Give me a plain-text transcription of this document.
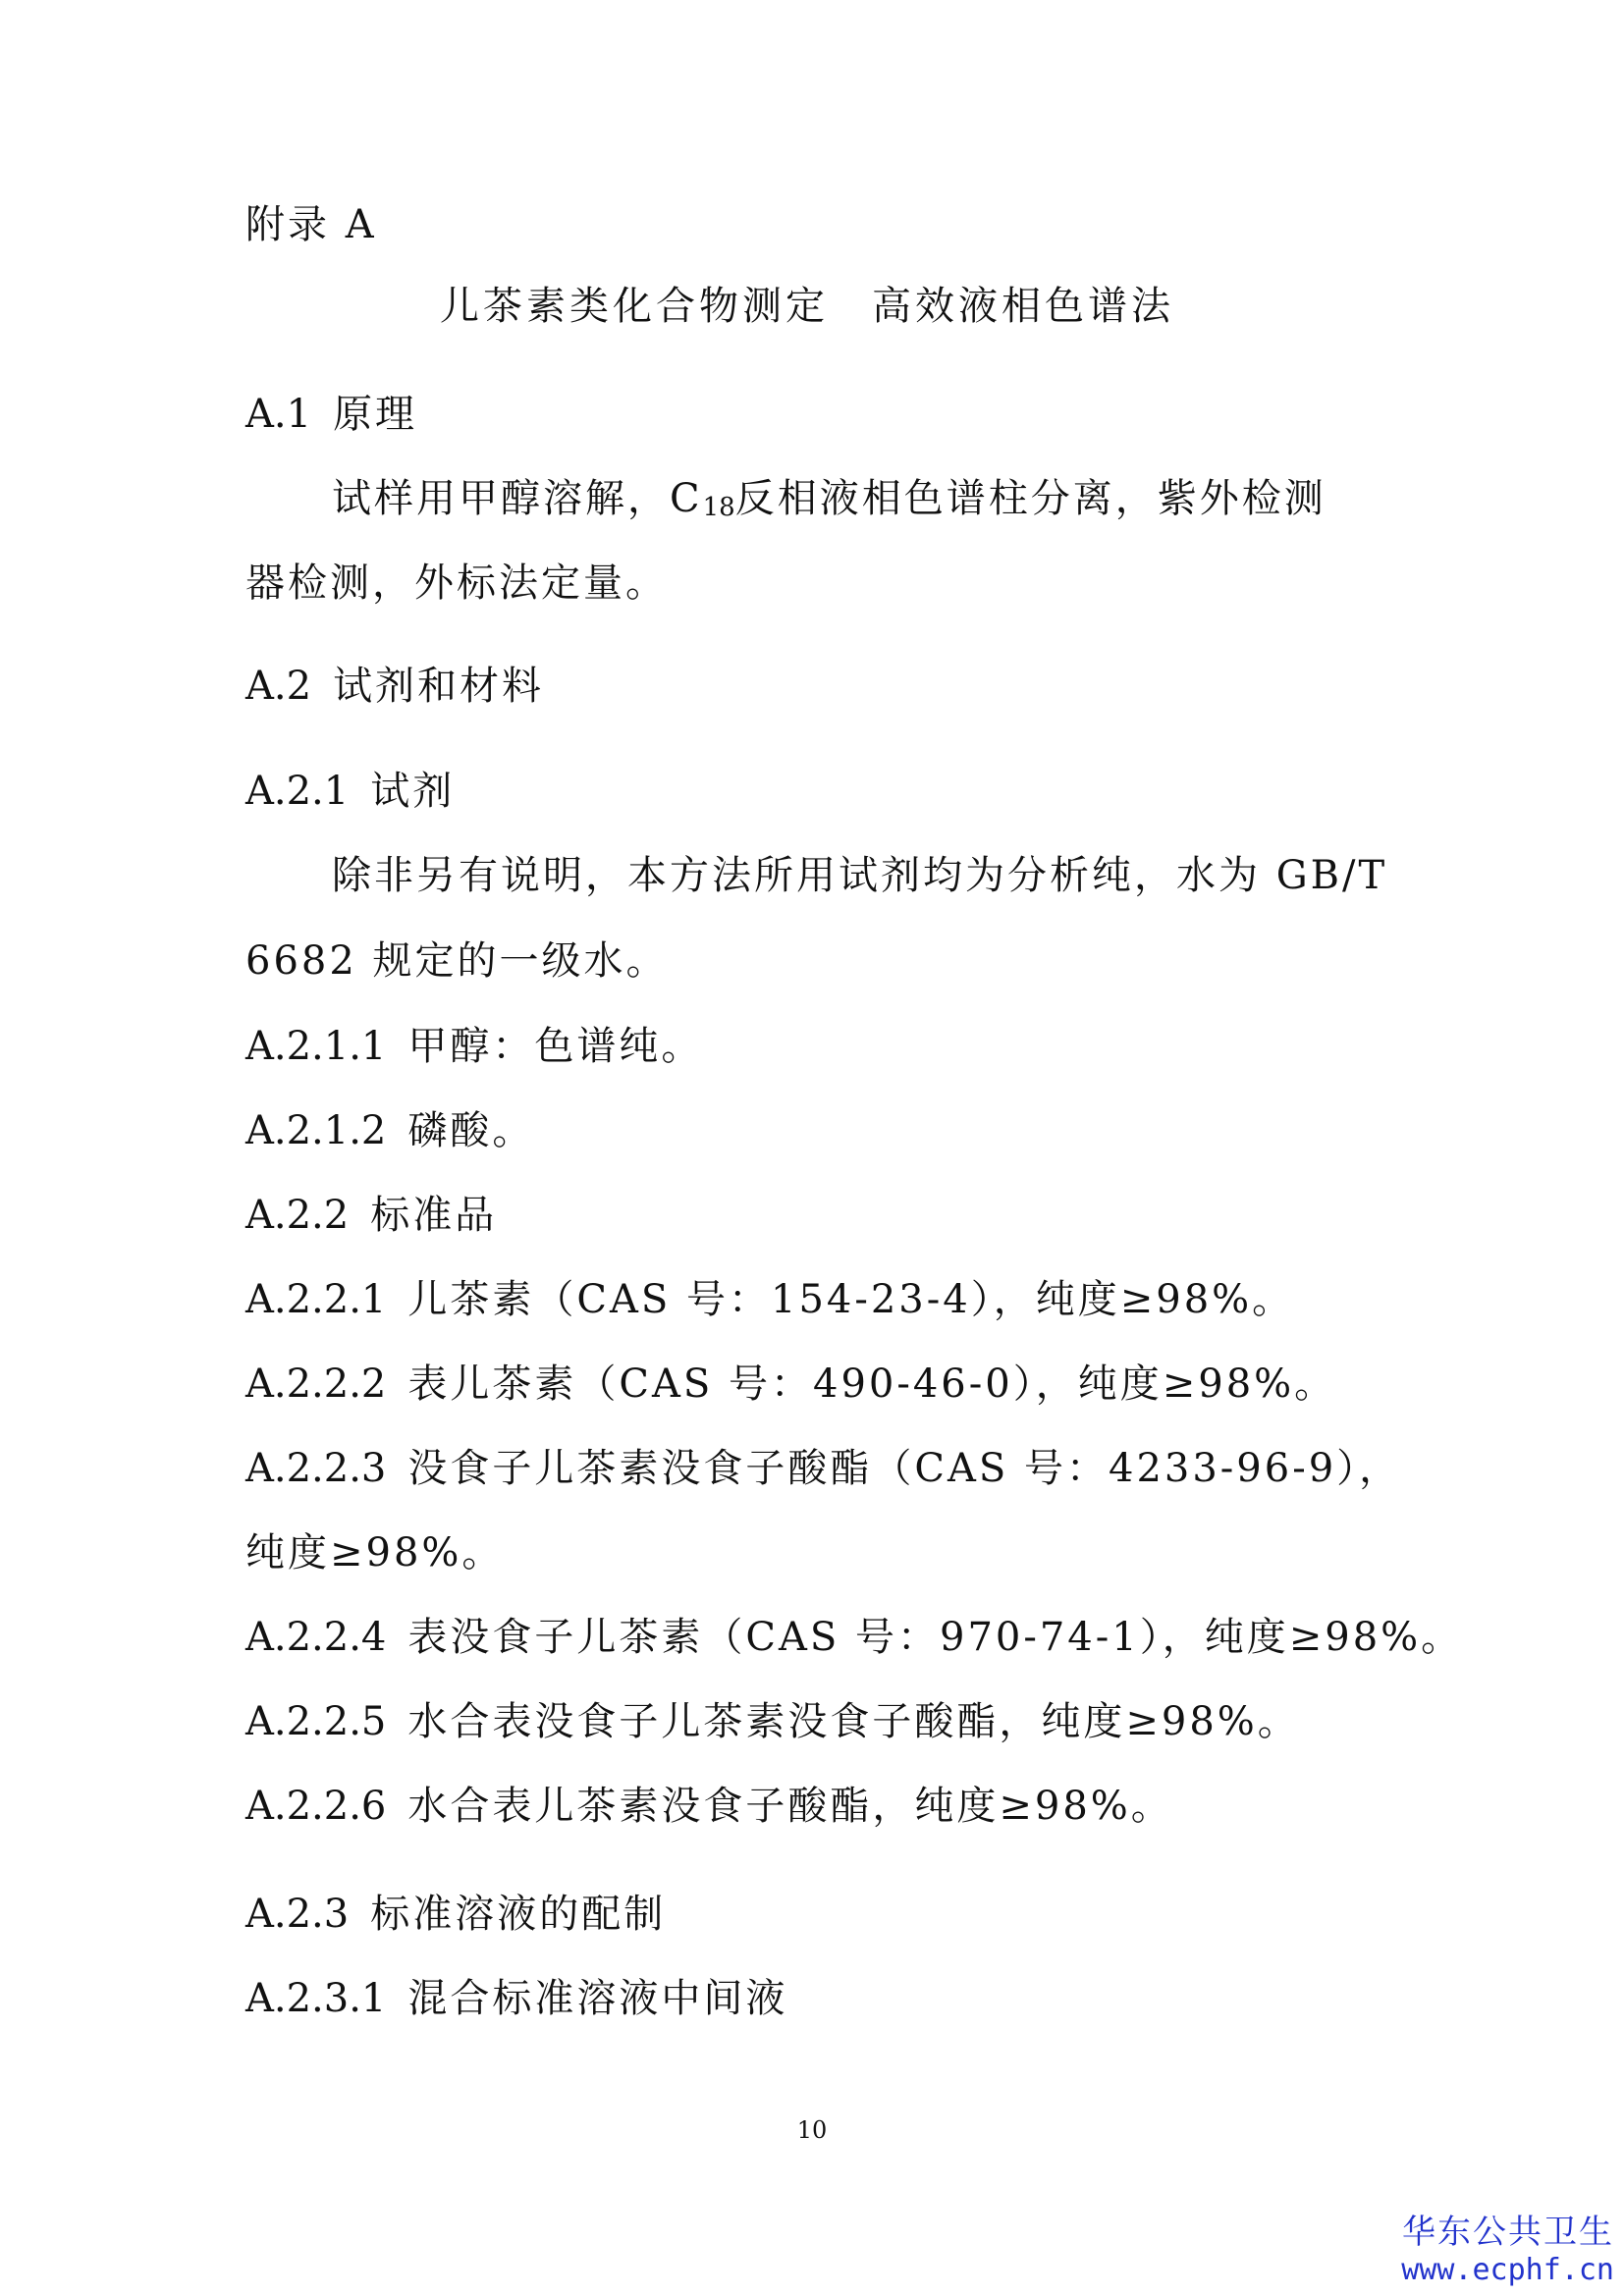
附录 A
儿茶素类化合物测定　高效液相色谱法
A.1 原理
试样用甲醇溶解，C18反相液相色谱柱分离，紫外检测
器检测，外标法定量。
A.2 试剂和材料
A.2.1 试剂
除非另有说明，本方法所用试剂均为分析纯，水为 GB/T
6682 规定的一级水。
A.2.1.1 甲醇：色谱纯。
A.2.1.2 磷酸。
A.2.2 标准品
A.2.2.1 儿茶素（CAS 号：154-23-4），纯度≥98%。
A.2.2.2 表儿茶素（CAS 号：490-46-0），纯度≥98%。
A.2.2.3 没食子儿茶素没食子酸酯（CAS 号：4233-96-9），
纯度≥98%。
A.2.2.4 表没食子儿茶素（CAS 号：970-74-1），纯度≥98%。
A.2.2.5 水合表没食子儿茶素没食子酸酯，纯度≥98%。
A.2.2.6 水合表儿茶素没食子酸酯，纯度≥98%。
A.2.3 标准溶液的配制
A.2.3.1 混合标准溶液中间液
10
华东公共卫生
www.ecphf.cn
